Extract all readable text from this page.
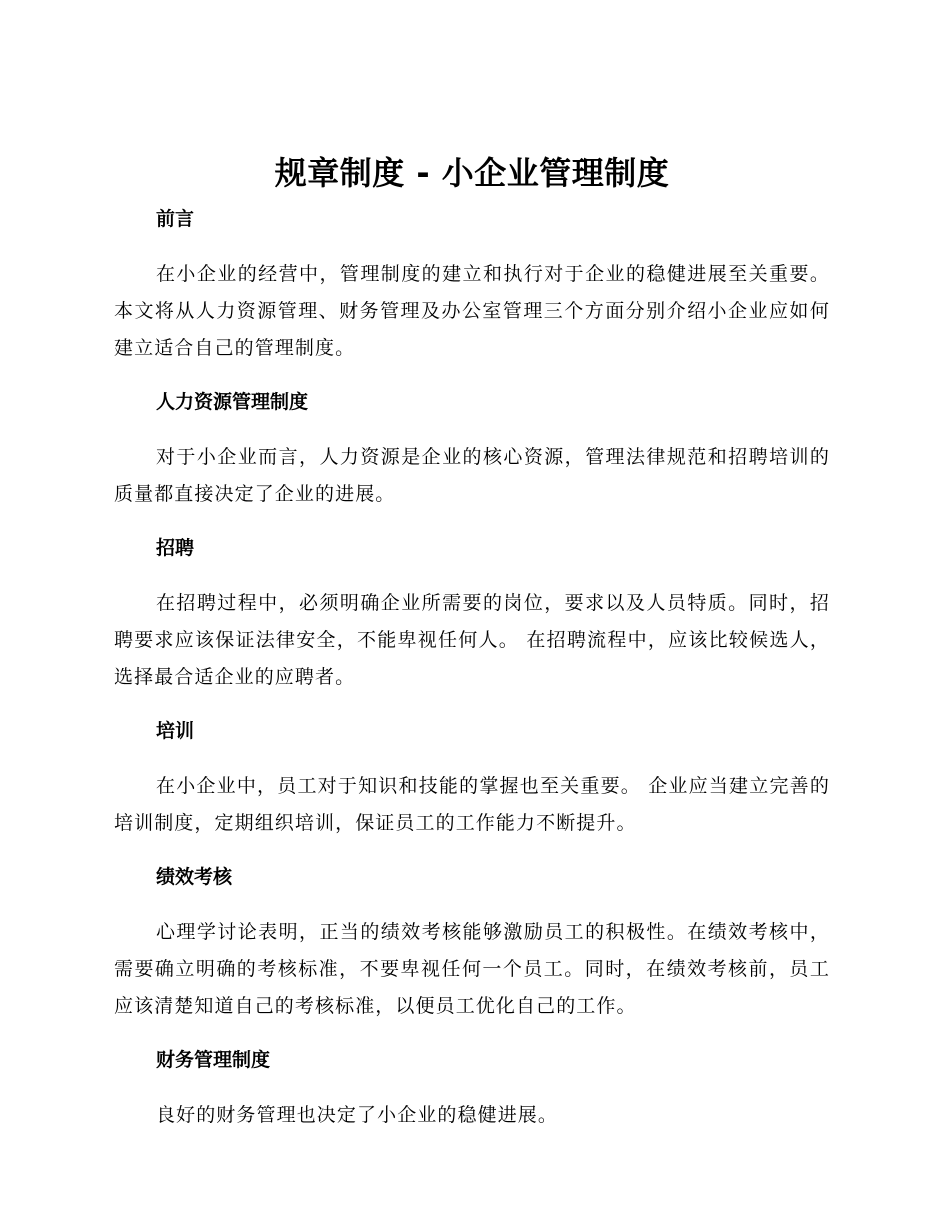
规章制度 - 小企业管理制度
前言

在小企业的经营中，管理制度的建立和执行对于企业的稳健进展至关重要。本文将从人力资源管理、财务管理及办公室管理三个方面分别介绍小企业应如何建立适合自己的管理制度。

人力资源管理制度

对于小企业而言，人力资源是企业的核心资源，管理法律规范和招聘培训的质量都直接决定了企业的进展。

招聘

在招聘过程中，必须明确企业所需要的岗位，要求以及人员特质。同时，招聘要求应该保证法律安全，不能卑视任何人。 在招聘流程中，应该比较候选人，选择最合适企业的应聘者。

培训

在小企业中，员工对于知识和技能的掌握也至关重要。 企业应当建立完善的培训制度，定期组织培训，保证员工的工作能力不断提升。

绩效考核

心理学讨论表明，正当的绩效考核能够激励员工的积极性。在绩效考核中，需要确立明确的考核标准，不要卑视任何一个员工。同时，在绩效考核前，员工应该清楚知道自己的考核标准，以便员工优化自己的工作。

财务管理制度

良好的财务管理也决定了小企业的稳健进展。
